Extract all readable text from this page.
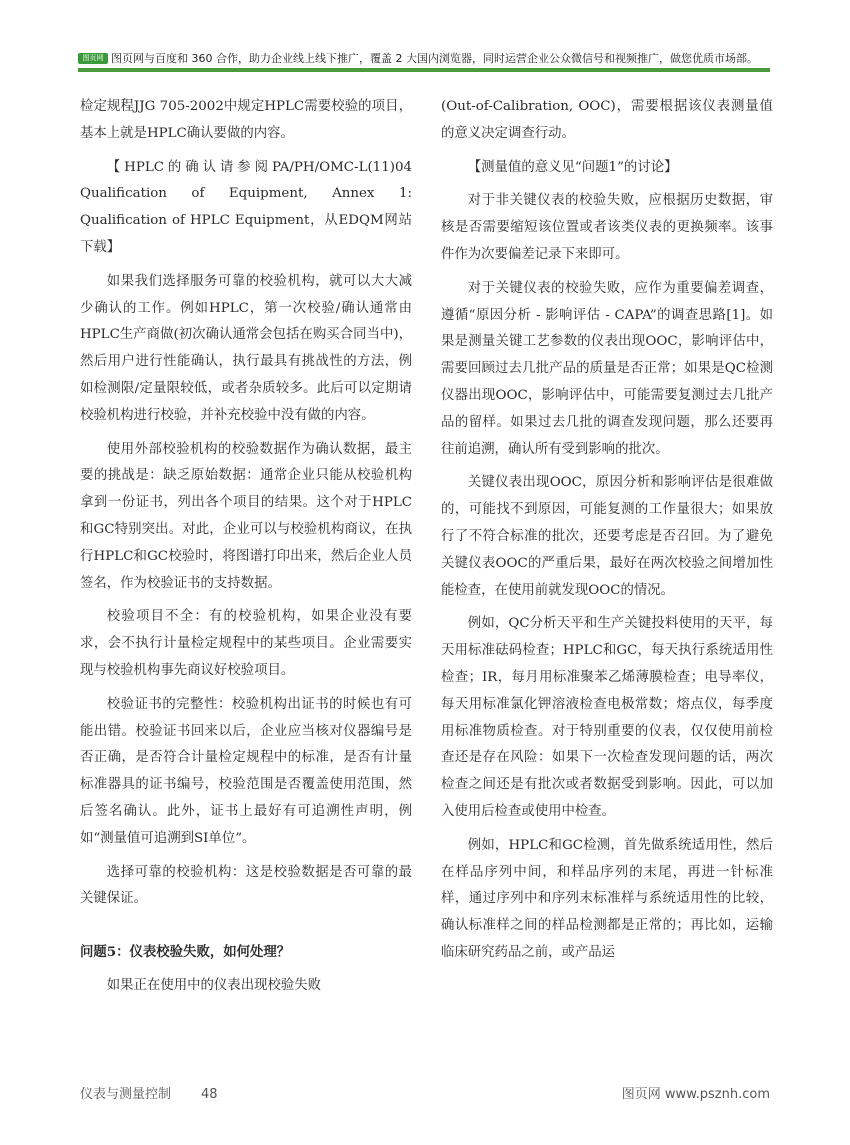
图页网 图页网与百度和 360 合作，助力企业线上线下推广，覆盖 2 大国内浏览器，同时运营企业公众微信号和视频推广，做您优质市场部。

检定规程JJG 705-2002中规定HPLC需要校验的项目，基本上就是HPLC确认要做的内容。

【HPLC的确认请参阅PA/PH/OMC-L(11)04 Qualification of Equipment, Annex 1: Qualification of HPLC Equipment，从EDQM网站下载】

如果我们选择服务可靠的校验机构，就可以大大减少确认的工作。例如HPLC，第一次校验/确认通常由HPLC生产商做(初次确认通常会包括在购买合同当中)，然后用户进行性能确认，执行最具有挑战性的方法，例如检测限/定量限较低，或者杂质较多。此后可以定期请校验机构进行校验，并补充校验中没有做的内容。

使用外部校验机构的校验数据作为确认数据，最主要的挑战是：缺乏原始数据：通常企业只能从校验机构拿到一份证书，列出各个项目的结果。这个对于HPLC和GC特别突出。对此，企业可以与校验机构商议，在执行HPLC和GC校验时，将图谱打印出来，然后企业人员签名，作为校验证书的支持数据。

校验项目不全：有的校验机构，如果企业没有要求，会不执行计量检定规程中的某些项目。企业需要实现与校验机构事先商议好校验项目。

校验证书的完整性：校验机构出证书的时候也有可能出错。校验证书回来以后，企业应当核对仪器编号是否正确，是否符合计量检定规程中的标准，是否有计量标准器具的证书编号，校验范围是否覆盖使用范围，然后签名确认。此外，证书上最好有可追溯性声明，例如“测量值可追溯到SI单位”。

选择可靠的校验机构：这是校验数据是否可靠的最关键保证。

问题5：仪表校验失败，如何处理？

如果正在使用中的仪表出现校验失败

(Out-of-Calibration, OOC)，需要根据该仪表测量值的意义决定调查行动。

【测量值的意义见“问题1”的讨论】

对于非关键仪表的校验失败，应根据历史数据，审核是否需要缩短该位置或者该类仪表的更换频率。该事件作为次要偏差记录下来即可。

对于关键仪表的校验失败，应作为重要偏差调查，遵循“原因分析 - 影响评估 - CAPA”的调查思路[1]。如果是测量关键工艺参数的仪表出现OOC，影响评估中，需要回顾过去几批产品的质量是否正常；如果是QC检测仪器出现OOC，影响评估中，可能需要复测过去几批产品的留样。如果过去几批的调查发现问题，那么还要再往前追溯，确认所有受到影响的批次。

关键仪表出现OOC，原因分析和影响评估是很难做的，可能找不到原因，可能复测的工作量很大；如果放行了不符合标准的批次，还要考虑是否召回。为了避免关键仪表OOC的严重后果，最好在两次校验之间增加性能检查，在使用前就发现OOC的情况。

例如，QC分析天平和生产关键投料使用的天平，每天用标准砝码检查；HPLC和GC，每天执行系统适用性检查；IR，每月用标准聚苯乙烯薄膜检查；电导率仪，每天用标准氯化钾溶液检查电极常数；熔点仪，每季度用标准物质检查。对于特别重要的仪表，仅仅使用前检查还是存在风险：如果下一次检查发现问题的话，两次检查之间还是有批次或者数据受到影响。因此，可以加入使用后检查或使用中检查。

例如，HPLC和GC检测，首先做系统适用性，然后在样品序列中间，和样品序列的末尾，再进一针标准样，通过序列中和序列末标准样与系统适用性的比较，确认标准样之间的样品检测都是正常的；再比如，运输临床研究药品之前，或产品运

仪表与测量控制 48	图页网 www.psznh.com
